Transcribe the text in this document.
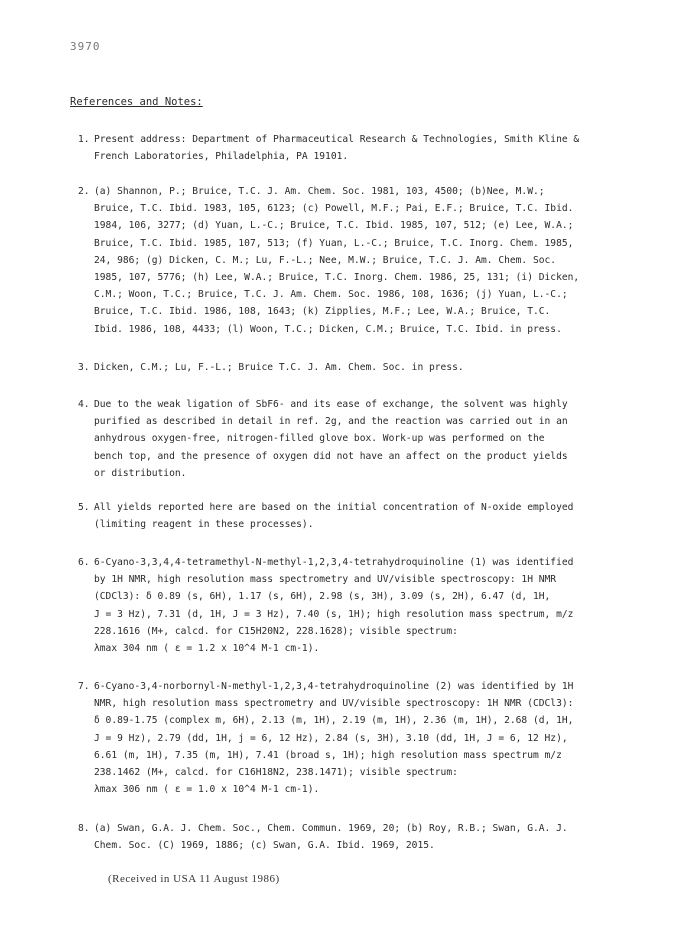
3970
References and Notes:
1. Present address: Department of Pharmaceutical Research & Technologies, Smith Kline &
French Laboratories, Philadelphia, PA 19101.
2. (a) Shannon, P.; Bruice, T.C. J. Am. Chem. Soc. 1981, 103, 4500; (b)Nee, M.W.;
Bruice, T.C. Ibid. 1983, 105, 6123; (c) Powell, M.F.; Pai, E.F.; Bruice, T.C. Ibid.
1984, 106, 3277; (d) Yuan, L.-C.; Bruice, T.C. Ibid. 1985, 107, 512; (e) Lee, W.A.;
Bruice, T.C. Ibid. 1985, 107, 513; (f) Yuan, L.-C.; Bruice, T.C. Inorg. Chem. 1985,
24, 986; (g) Dicken, C. M.; Lu, F.-L.; Nee, M.W.; Bruice, T.C. J. Am. Chem. Soc.
1985, 107, 5776; (h) Lee, W.A.; Bruice, T.C. Inorg. Chem. 1986, 25, 131; (i) Dicken,
C.M.; Woon, T.C.; Bruice, T.C. J. Am. Chem. Soc. 1986, 108, 1636; (j) Yuan, L.-C.;
Bruice, T.C. Ibid. 1986, 108, 1643; (k) Zipplies, M.F.; Lee, W.A.; Bruice, T.C.
Ibid. 1986, 108, 4433; (l) Woon, T.C.; Dicken, C.M.; Bruice, T.C. Ibid. in press.
3. Dicken, C.M.; Lu, F.-L.; Bruice T.C. J. Am. Chem. Soc. in press.
4. Due to the weak ligation of SbF6- and its ease of exchange, the solvent was highly
purified as described in detail in ref. 2g, and the reaction was carried out in an
anhydrous oxygen-free, nitrogen-filled glove box. Work-up was performed on the
bench top, and the presence of oxygen did not have an affect on the product yields
or distribution.
5. All yields reported here are based on the initial concentration of N-oxide employed
(limiting reagent in these processes).
6. 6-Cyano-3,3,4,4-tetramethyl-N-methyl-1,2,3,4-tetrahydroquinoline (1) was identified
by 1H NMR, high resolution mass spectrometry and UV/visible spectroscopy: 1H NMR
(CDCl3): δ 0.89 (s, 6H), 1.17 (s, 6H), 2.98 (s, 3H), 3.09 (s, 2H), 6.47 (d, 1H,
J = 3 Hz), 7.31 (d, 1H, J = 3 Hz), 7.40 (s, 1H); high resolution mass spectrum, m/z
228.1616 (M+, calcd. for C15H20N2, 228.1628); visible spectrum:
λmax 304 nm ( ε = 1.2 x 10^4 M-1 cm-1).
7. 6-Cyano-3,4-norbornyl-N-methyl-1,2,3,4-tetrahydroquinoline (2) was identified by 1H
NMR, high resolution mass spectrometry and UV/visible spectroscopy: 1H NMR (CDCl3):
δ 0.89-1.75 (complex m, 6H), 2.13 (m, 1H), 2.19 (m, 1H), 2.36 (m, 1H), 2.68 (d, 1H,
J = 9 Hz), 2.79 (dd, 1H, j = 6, 12 Hz), 2.84 (s, 3H), 3.10 (dd, 1H, J = 6, 12 Hz),
6.61 (m, 1H), 7.35 (m, 1H), 7.41 (broad s, 1H); high resolution mass spectrum m/z
238.1462 (M+, calcd. for C16H18N2, 238.1471); visible spectrum:
λmax 306 nm ( ε = 1.0 x 10^4 M-1 cm-1).
8. (a) Swan, G.A. J. Chem. Soc., Chem. Commun. 1969, 20; (b) Roy, R.B.; Swan, G.A. J.
Chem. Soc. (C) 1969, 1886; (c) Swan, G.A. Ibid. 1969, 2015.
(Received in USA 11 August 1986)
